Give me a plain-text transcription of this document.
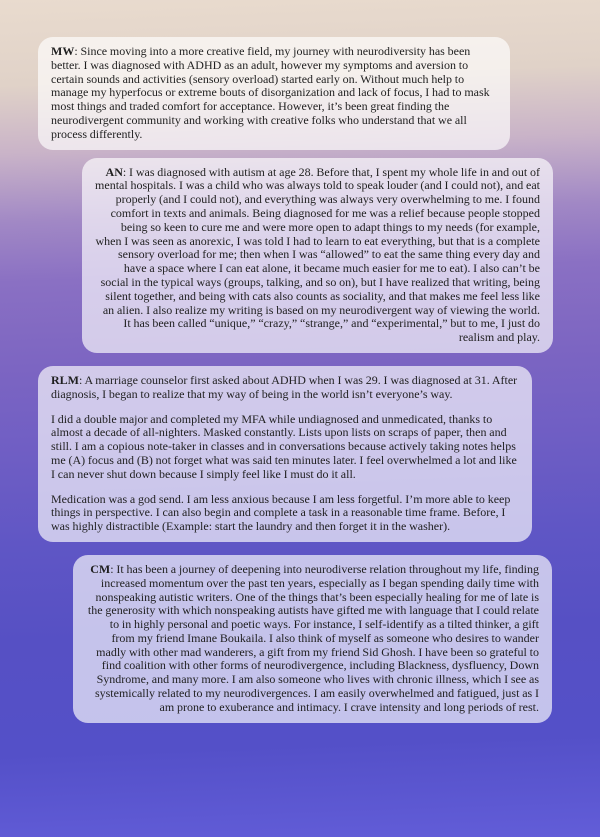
MW: Since moving into a more creative field, my journey with neurodiversity has been better. I was diagnosed with ADHD as an adult, however my symptoms and aversion to certain sounds and activities (sensory overload) started early on. Without much help to manage my hyperfocus or extreme bouts of disorganization and lack of focus, I had to mask most things and traded comfort for acceptance. However, it’s been great finding the neurodivergent community and working with creative folks who understand that we all process differently.

AN: I was diagnosed with autism at age 28. Before that, I spent my whole life in and out of mental hospitals. I was a child who was always told to speak louder (and I could not), and eat properly (and I could not), and everything was always very overwhelming to me. I found comfort in texts and animals. Being diagnosed for me was a relief because people stopped being so keen to cure me and were more open to adapt things to my needs (for example, when I was seen as anorexic, I was told I had to learn to eat everything, but that is a complete sensory overload for me; then when I was “allowed” to eat the same thing every day and have a space where I can eat alone, it became much easier for me to eat). I also can’t be social in the typical ways (groups, talking, and so on), but I have realized that writing, being silent together, and being with cats also counts as sociality, and that makes me feel less like an alien. I also realize my writing is based on my neurodivergent way of viewing the world. It has been called “unique,” “crazy,” “strange,” and “experimental,” but to me, I just do realism and play.

RLM: A marriage counselor first asked about ADHD when I was 29. I was diagnosed at 31. After diagnosis, I began to realize that my way of being in the world isn’t everyone’s way.

I did a double major and completed my MFA while undiagnosed and unmedicated, thanks to almost a decade of all-nighters. Masked constantly. Lists upon lists on scraps of paper, then and still. I am a copious note-taker in classes and in conversations because actively taking notes helps me (A) focus and (B) not forget what was said ten minutes later. I feel overwhelmed a lot and like I can never shut down because I simply feel like I must do it all.

Medication was a god send. I am less anxious because I am less forgetful. I’m more able to keep things in perspective. I can also begin and complete a task in a reasonable time frame. Before, I was highly distractible (Example: start the laundry and then forget it in the washer).

CM: It has been a journey of deepening into neurodiverse relation throughout my life, finding increased momentum over the past ten years, especially as I began spending daily time with nonspeaking autistic writers. One of the things that’s been especially healing for me of late is the generosity with which nonspeaking autists have gifted me with language that I could relate to in highly personal and poetic ways. For instance, I self-identify as a tilted thinker, a gift from my friend Imane Boukaila. I also think of myself as someone who desires to wander madly with other mad wanderers, a gift from my friend Sid Ghosh. I have been so grateful to find coalition with other forms of neurodivergence, including Blackness, dysfluency, Down Syndrome, and many more. I am also someone who lives with chronic illness, which I see as systemically related to my neurodivergences. I am easily overwhelmed and fatigued, just as I am prone to exuberance and intimacy. I crave intensity and long periods of rest.
